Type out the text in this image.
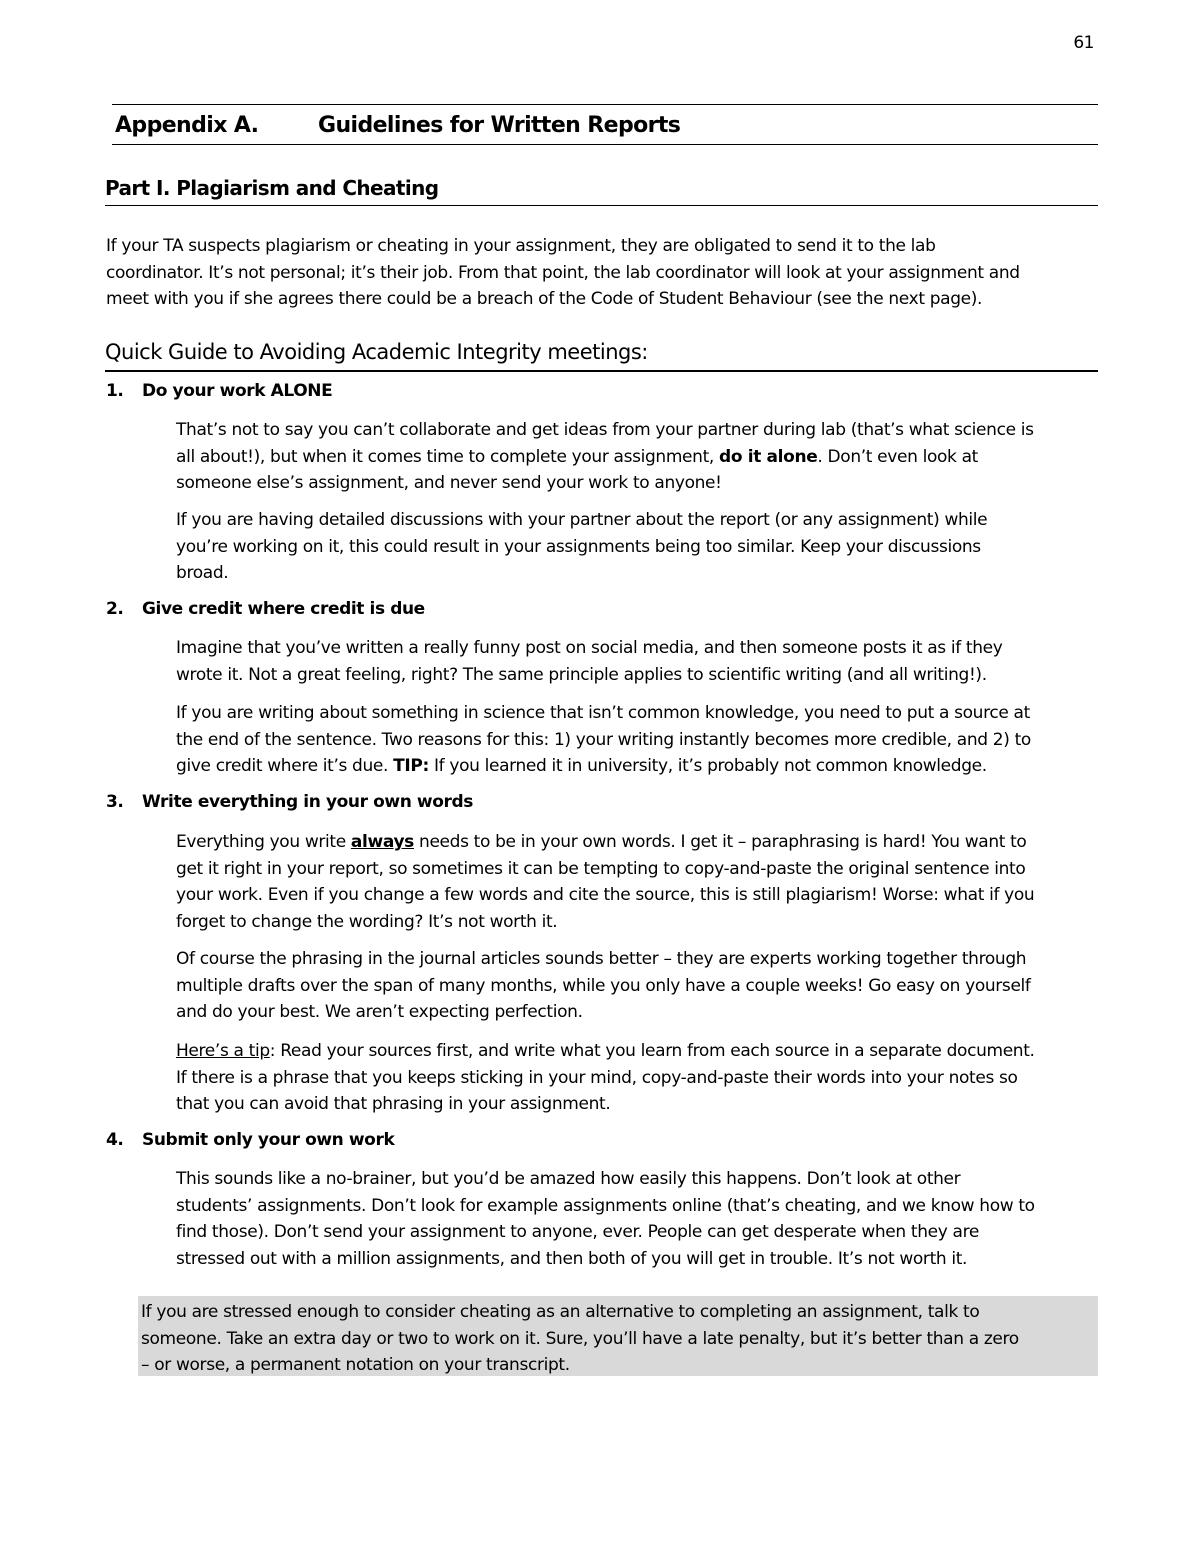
61
Appendix A.	Guidelines for Written Reports
Part I. Plagiarism and Cheating
If your TA suspects plagiarism or cheating in your assignment, they are obligated to send it to the lab
coordinator. It’s not personal; it’s their job. From that point, the lab coordinator will look at your assignment and
meet with you if she agrees there could be a breach of the Code of Student Behaviour (see the next page).
Quick Guide to Avoiding Academic Integrity meetings:
1. Do your work ALONE
That’s not to say you can’t collaborate and get ideas from your partner during lab (that’s what science is
all about!), but when it comes time to complete your assignment, do it alone. Don’t even look at
someone else’s assignment, and never send your work to anyone!
If you are having detailed discussions with your partner about the report (or any assignment) while
you’re working on it, this could result in your assignments being too similar. Keep your discussions
broad.
2. Give credit where credit is due
Imagine that you’ve written a really funny post on social media, and then someone posts it as if they
wrote it. Not a great feeling, right? The same principle applies to scientific writing (and all writing!).
If you are writing about something in science that isn’t common knowledge, you need to put a source at
the end of the sentence. Two reasons for this: 1) your writing instantly becomes more credible, and 2) to
give credit where it’s due. TIP: If you learned it in university, it’s probably not common knowledge.
3. Write everything in your own words
Everything you write always needs to be in your own words. I get it – paraphrasing is hard! You want to
get it right in your report, so sometimes it can be tempting to copy-and-paste the original sentence into
your work. Even if you change a few words and cite the source, this is still plagiarism! Worse: what if you
forget to change the wording? It’s not worth it.
Of course the phrasing in the journal articles sounds better – they are experts working together through
multiple drafts over the span of many months, while you only have a couple weeks! Go easy on yourself
and do your best. We aren’t expecting perfection.
Here’s a tip: Read your sources first, and write what you learn from each source in a separate document.
If there is a phrase that you keeps sticking in your mind, copy-and-paste their words into your notes so
that you can avoid that phrasing in your assignment.
4. Submit only your own work
This sounds like a no-brainer, but you’d be amazed how easily this happens. Don’t look at other
students’ assignments. Don’t look for example assignments online (that’s cheating, and we know how to
find those). Don’t send your assignment to anyone, ever. People can get desperate when they are
stressed out with a million assignments, and then both of you will get in trouble. It’s not worth it.
If you are stressed enough to consider cheating as an alternative to completing an assignment, talk to
someone. Take an extra day or two to work on it. Sure, you’ll have a late penalty, but it’s better than a zero
– or worse, a permanent notation on your transcript.
